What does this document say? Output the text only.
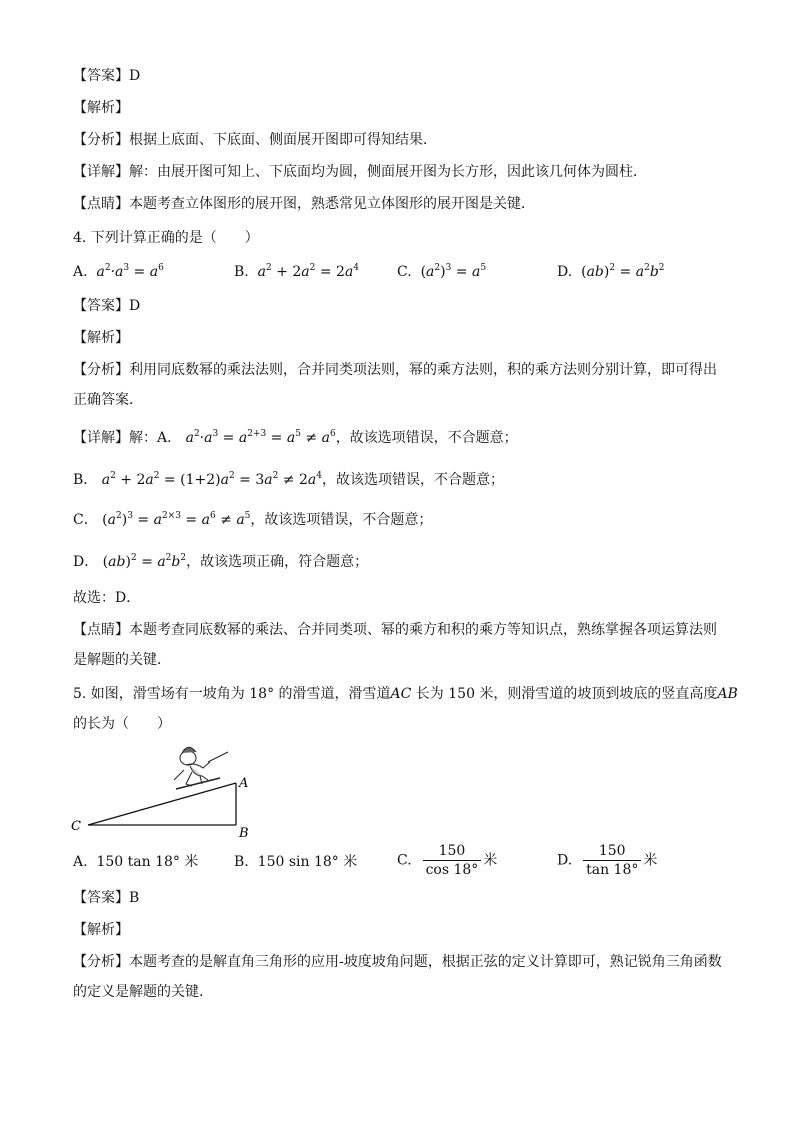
【答案】D
【解析】
【分析】根据上底面、下底面、侧面展开图即可得知结果．
【详解】解：由展开图可知上、下底面均为圆，侧面展开图为长方形，因此该几何体为圆柱．
【点睛】本题考查立体图形的展开图，熟悉常见立体图形的展开图是关键．
4. 下列计算正确的是（　　）
A. $a^2\cdot a^3 = a^6$	B. $a^2 + 2a^2 = 2a^4$	C.  $(a^2)^3 = a^5$	D.  $(ab)^2 = a^2b^2$
【答案】D
【解析】
【分析】利用同底数幂的乘法法则，合并同类项法则，幂的乘方法则，积的乘方法则分别计算，即可得出
正确答案．
【详解】解：A． $a^2\cdot a^3 = a^{2+3} = a^5 \ne a^6$，故该选项错误，不合题意；
B． $a^2 + 2a^2 = (1+2)a^2 = 3a^2 \ne 2a^4$，故该选项错误，不合题意；
C． $(a^2)^3 = a^{2\times 3} = a^6 \ne a^5$，故该选项错误，不合题意；
D． $(ab)^2 = a^2b^2$，故该选项正确，符合题意；
故选：D．
【点睛】本题考查同底数幂的乘法、合并同类项、幂的乘方和积的乘方等知识点，熟练掌握各项运算法则
是解题的关键．
5. 如图，滑雪场有一坡角为 18° 的滑雪道，滑雪道AC 长为 150 米，则滑雪道的坡顶到坡底的竖直高度AB
的长为（　　）
A
B
C
A. 150 tan 18° 米	B. 150 sin 18° 米	C. $\frac{150}{\cos 18^\circ}$ 米	D. $\frac{150}{\tan 18^\circ}$ 米
【答案】B
【解析】
【分析】本题考查的是解直角三角形的应用-坡度坡角问题，根据正弦的定义计算即可，熟记锐角三角函数
的定义是解题的关键.
